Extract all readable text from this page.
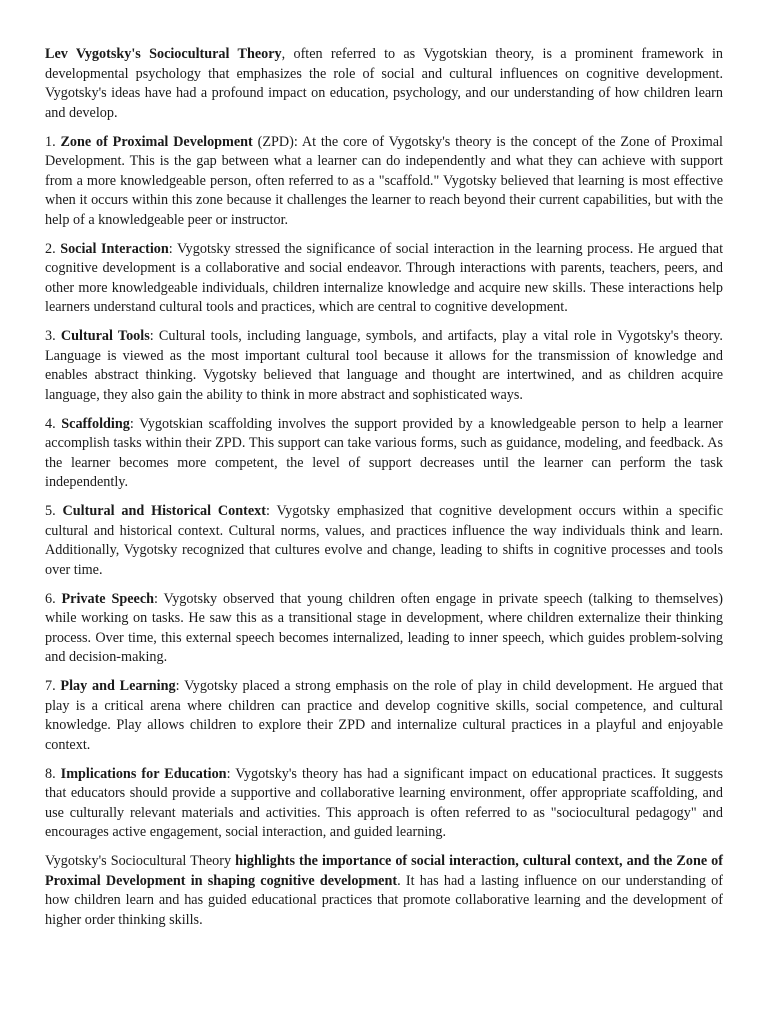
Lev Vygotsky's Sociocultural Theory, often referred to as Vygotskian theory, is a prominent framework in developmental psychology that emphasizes the role of social and cultural influences on cognitive development. Vygotsky's ideas have had a profound impact on education, psychology, and our understanding of how children learn and develop.

1. Zone of Proximal Development (ZPD): At the core of Vygotsky's theory is the concept of the Zone of Proximal Development. This is the gap between what a learner can do independently and what they can achieve with support from a more knowledgeable person, often referred to as a "scaffold." Vygotsky believed that learning is most effective when it occurs within this zone because it challenges the learner to reach beyond their current capabilities, but with the help of a knowledgeable peer or instructor.

2. Social Interaction: Vygotsky stressed the significance of social interaction in the learning process. He argued that cognitive development is a collaborative and social endeavor. Through interactions with parents, teachers, peers, and other more knowledgeable individuals, children internalize knowledge and acquire new skills. These interactions help learners understand cultural tools and practices, which are central to cognitive development.

3. Cultural Tools: Cultural tools, including language, symbols, and artifacts, play a vital role in Vygotsky's theory. Language is viewed as the most important cultural tool because it allows for the transmission of knowledge and enables abstract thinking. Vygotsky believed that language and thought are intertwined, and as children acquire language, they also gain the ability to think in more abstract and sophisticated ways.

4. Scaffolding: Vygotskian scaffolding involves the support provided by a knowledgeable person to help a learner accomplish tasks within their ZPD. This support can take various forms, such as guidance, modeling, and feedback. As the learner becomes more competent, the level of support decreases until the learner can perform the task independently.

5. Cultural and Historical Context: Vygotsky emphasized that cognitive development occurs within a specific cultural and historical context. Cultural norms, values, and practices influence the way individuals think and learn. Additionally, Vygotsky recognized that cultures evolve and change, leading to shifts in cognitive processes and tools over time.

6. Private Speech: Vygotsky observed that young children often engage in private speech (talking to themselves) while working on tasks. He saw this as a transitional stage in development, where children externalize their thinking process. Over time, this external speech becomes internalized, leading to inner speech, which guides problem-solving and decision-making.

7. Play and Learning: Vygotsky placed a strong emphasis on the role of play in child development. He argued that play is a critical arena where children can practice and develop cognitive skills, social competence, and cultural knowledge. Play allows children to explore their ZPD and internalize cultural practices in a playful and enjoyable context.

8. Implications for Education: Vygotsky's theory has had a significant impact on educational practices. It suggests that educators should provide a supportive and collaborative learning environment, offer appropriate scaffolding, and use culturally relevant materials and activities. This approach is often referred to as "sociocultural pedagogy" and encourages active engagement, social interaction, and guided learning.

Vygotsky's Sociocultural Theory highlights the importance of social interaction, cultural context, and the Zone of Proximal Development in shaping cognitive development. It has had a lasting influence on our understanding of how children learn and has guided educational practices that promote collaborative learning and the development of higher order thinking skills.
